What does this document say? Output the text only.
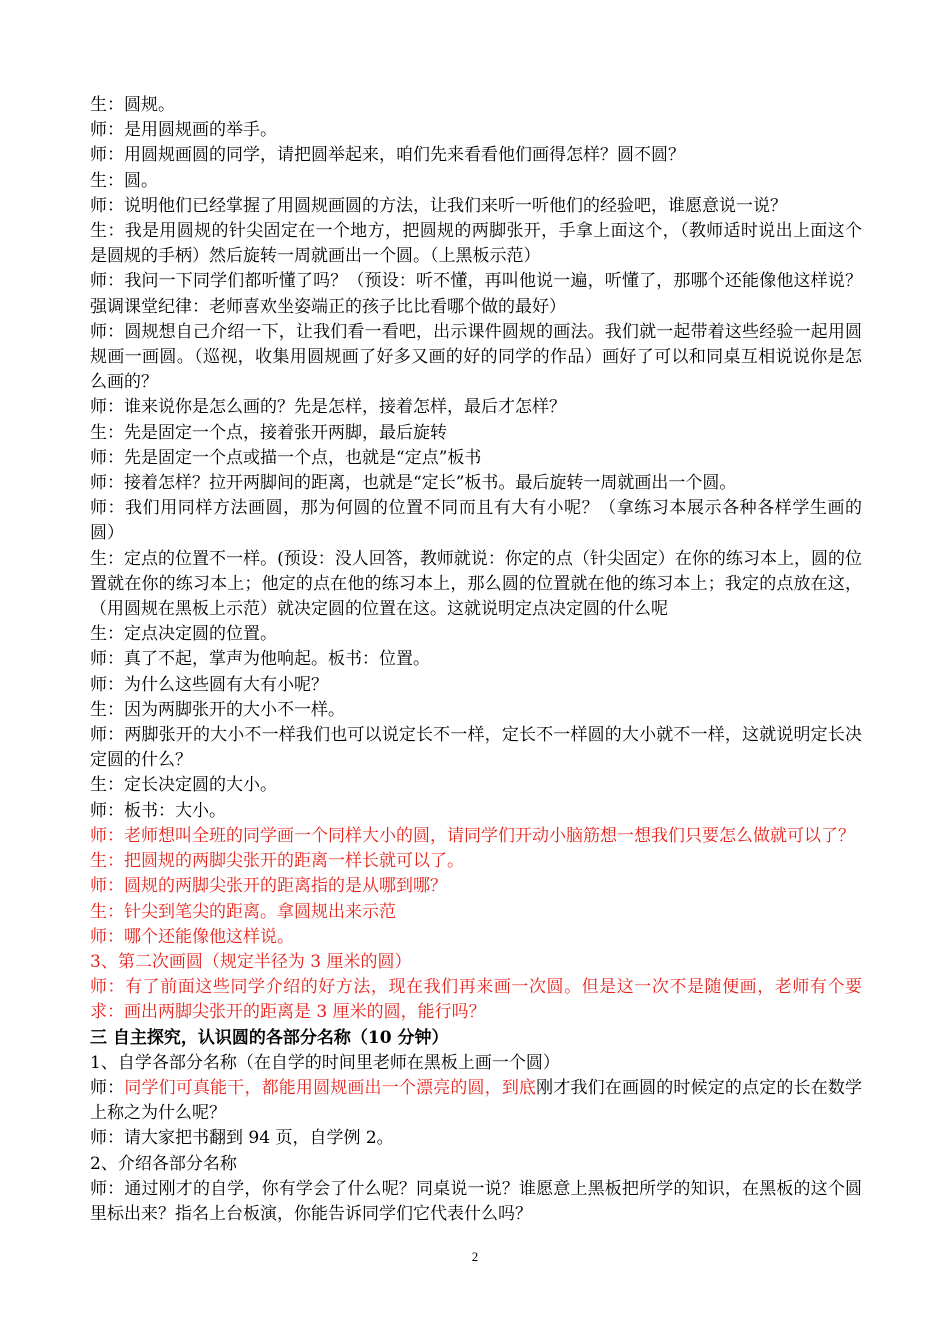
生：圆规。

师：是用圆规画的举手。

师：用圆规画圆的同学，请把圆举起来，咱们先来看看他们画得怎样？圆不圆？

生：圆。

师：说明他们已经掌握了用圆规画圆的方法，让我们来听一听他们的经验吧，谁愿意说一说？

生：我是用圆规的针尖固定在一个地方，把圆规的两脚张开，手拿上面这个，（教师适时说出上面这个是圆规的手柄）然后旋转一周就画出一个圆。（上黑板示范）

师：我问一下同学们都听懂了吗？（预设：听不懂，再叫他说一遍，听懂了，那哪个还能像他这样说？强调课堂纪律：老师喜欢坐姿端正的孩子比比看哪个做的最好）

师：圆规想自己介绍一下，让我们看一看吧，出示课件圆规的画法。我们就一起带着这些经验一起用圆规画一画圆。（巡视，收集用圆规画了好多又画的好的同学的作品）画好了可以和同桌互相说说你是怎么画的？

师：谁来说你是怎么画的？先是怎样，接着怎样，最后才怎样？

生：先是固定一个点，接着张开两脚，最后旋转

师：先是固定一个点或描一个点，也就是“定点”板书

师：接着怎样？拉开两脚间的距离，也就是“定长”板书。最后旋转一周就画出一个圆。

师：我们用同样方法画圆，那为何圆的位置不同而且有大有小呢？（拿练习本展示各种各样学生画的圆）

生：定点的位置不一样。(预设：没人回答，教师就说：你定的点（针尖固定）在你的练习本上，圆的位置就在你的练习本上；他定的点在他的练习本上，那么圆的位置就在他的练习本上；我定的点放在这，（用圆规在黑板上示范）就决定圆的位置在这。这就说明定点决定圆的什么呢

生：定点决定圆的位置。

师：真了不起，掌声为他响起。板书：位置。

师：为什么这些圆有大有小呢？

生：因为两脚张开的大小不一样。

师：两脚张开的大小不一样我们也可以说定长不一样，定长不一样圆的大小就不一样，这就说明定长决定圆的什么？

生：定长决定圆的大小。

师：板书：大小。

师：老师想叫全班的同学画一个同样大小的圆，请同学们开动小脑筋想一想我们只要怎么做就可以了？

生：把圆规的两脚尖张开的距离一样长就可以了。

师：圆规的两脚尖张开的距离指的是从哪到哪？

生：针尖到笔尖的距离。拿圆规出来示范

师：哪个还能像他这样说。

3、第二次画圆（规定半径为 3 厘米的圆）

师：有了前面这些同学介绍的好方法，现在我们再来画一次圆。但是这一次不是随便画，老师有个要求：画出两脚尖张开的距离是 3 厘米的圆，能行吗？

三 自主探究，认识圆的各部分名称（10 分钟）

1、自学各部分名称（在自学的时间里老师在黑板上画一个圆）

师：同学们可真能干，都能用圆规画出一个漂亮的圆，到底刚才我们在画圆的时候定的点定的长在数学上称之为什么呢？

师：请大家把书翻到 94 页，自学例 2。

2、介绍各部分名称

师：通过刚才的自学，你有学会了什么呢？同桌说一说？谁愿意上黑板把所学的知识，在黑板的这个圆里标出来？指名上台板演，你能告诉同学们它代表什么吗？

2
